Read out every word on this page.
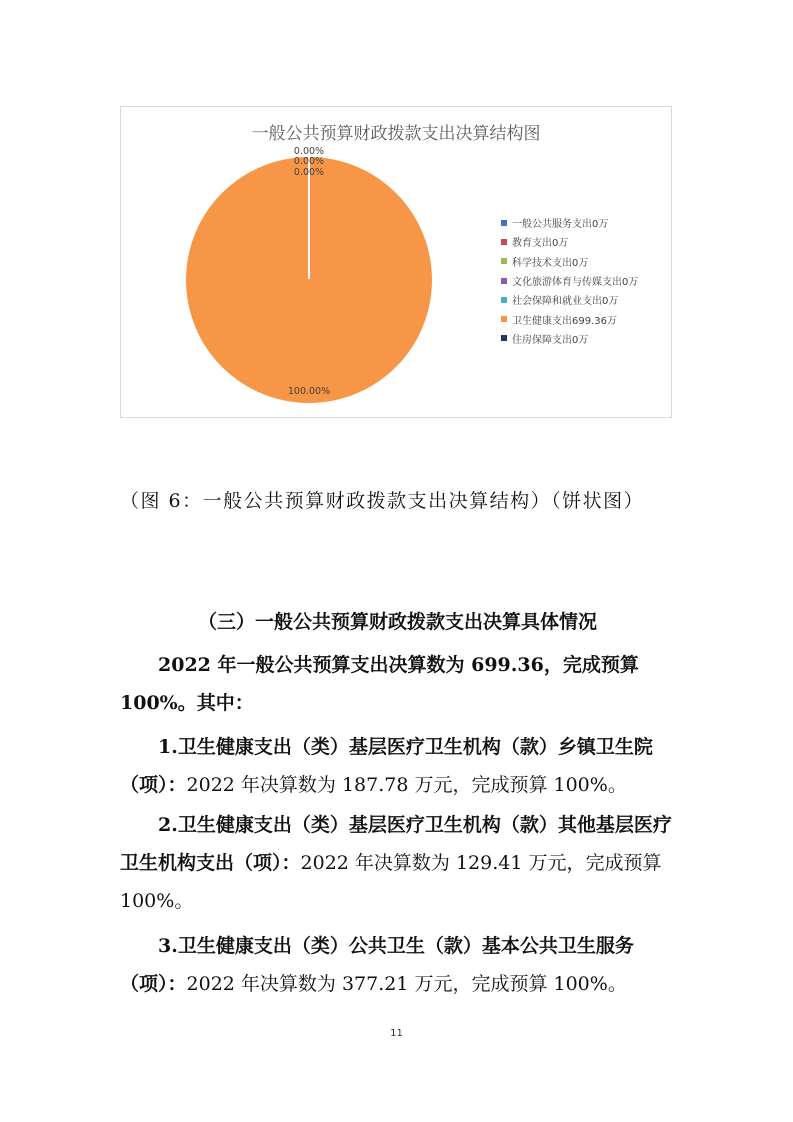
一般公共预算财政拨款支出决算结构图
0.00%
0.00%
0.00%
100.00%
一般公共服务支出0万
教育支出0万
科学技术支出0万
文化旅游体育与传媒支出0万
社会保障和就业支出0万
卫生健康支出699.36万
住房保障支出0万

（图 6：一般公共预算财政拨款支出决算结构）（饼状图）

（三）一般公共预算财政拨款支出决算具体情况

2022 年一般公共预算支出决算数为 699.36，完成预算 100%。其中：

1.卫生健康支出（类）基层医疗卫生机构（款）乡镇卫生院（项）：2022 年决算数为 187.78 万元，完成预算 100%。

2.卫生健康支出（类）基层医疗卫生机构（款）其他基层医疗卫生机构支出（项）：2022 年决算数为 129.41 万元，完成预算 100%。

3.卫生健康支出（类）公共卫生（款）基本公共卫生服务（项）：2022 年决算数为 377.21 万元，完成预算 100%。

11
